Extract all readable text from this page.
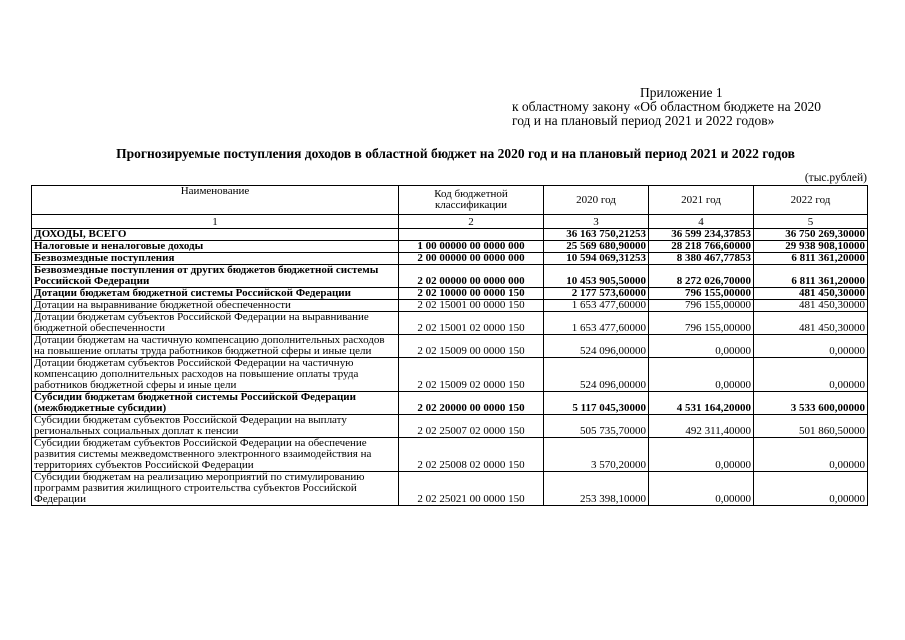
Приложение 1
к областному закону «Об областном бюджете на 2020
год и на плановый период 2021 и 2022 годов»
Прогнозируемые поступления доходов в областной бюджет на 2020 год и на плановый период 2021 и 2022 годов
(тыс.рублей)
Наименование	Код бюджетной классификации	2020 год	2021 год	2022 год
1	2	3	4	5
ДОХОДЫ, ВСЕГО		36 163 750,21253	36 599 234,37853	36 750 269,30000
Налоговые и неналоговые доходы	1 00 00000 00 0000 000	25 569 680,90000	28 218 766,60000	29 938 908,10000
Безвозмездные поступления	2 00 00000 00 0000 000	10 594 069,31253	8 380 467,77853	6 811 361,20000
Безвозмездные поступления от других бюджетов бюджетной системы Российской Федерации	2 02 00000 00 0000 000	10 453 905,50000	8 272 026,70000	6 811 361,20000
Дотации бюджетам бюджетной системы Российской Федерации	2 02 10000 00 0000 150	2 177 573,60000	796 155,00000	481 450,30000
Дотации на выравнивание бюджетной обеспеченности	2 02 15001 00 0000 150	1 653 477,60000	796 155,00000	481 450,30000
Дотации бюджетам субъектов Российской Федерации на выравнивание бюджетной обеспеченности	2 02 15001 02 0000 150	1 653 477,60000	796 155,00000	481 450,30000
Дотации бюджетам на частичную компенсацию дополнительных расходов на повышение оплаты труда работников бюджетной сферы и иные цели	2 02 15009 00 0000 150	524 096,00000	0,00000	0,00000
Дотации бюджетам субъектов Российской Федерации на частичную компенсацию дополнительных расходов на повышение оплаты труда работников бюджетной сферы и иные цели	2 02 15009 02 0000 150	524 096,00000	0,00000	0,00000
Субсидии бюджетам бюджетной системы Российской Федерации (межбюджетные субсидии)	2 02 20000 00 0000 150	5 117 045,30000	4 531 164,20000	3 533 600,00000
Субсидии бюджетам субъектов Российской Федерации на выплату региональных социальных доплат к пенсии	2 02 25007 02 0000 150	505 735,70000	492 311,40000	501 860,50000
Субсидии бюджетам субъектов Российской Федерации на обеспечение развития системы межведомственного электронного взаимодействия на территориях субъектов Российской Федерации	2 02 25008 02 0000 150	3 570,20000	0,00000	0,00000
Субсидии бюджетам на реализацию мероприятий по стимулированию программ развития жилищного строительства субъектов Российской Федерации	2 02 25021 00 0000 150	253 398,10000	0,00000	0,00000
